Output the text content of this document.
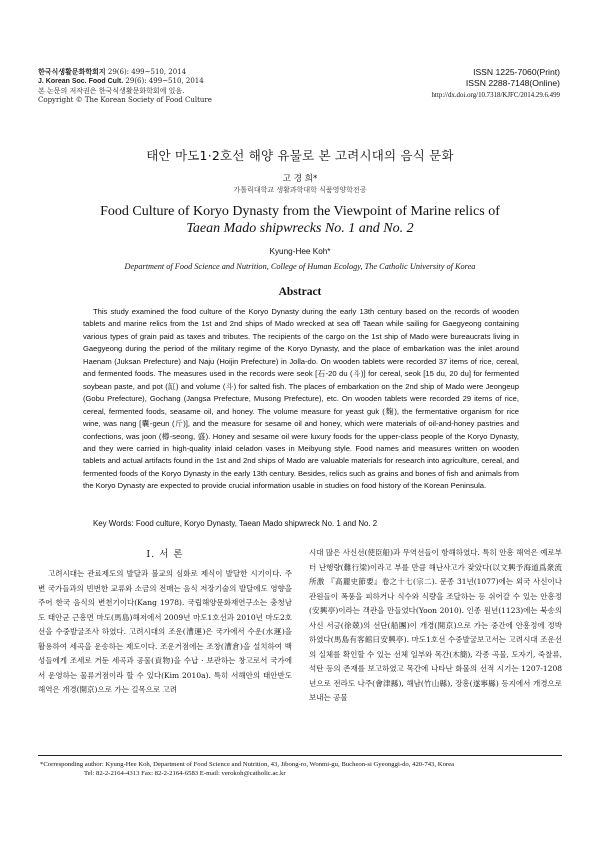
한국식생활문화학회지 29(6): 499~510, 2014
J. Korean Soc. Food Cult. 29(6): 499~510, 2014
본 논문의 저작권은 한국식생활문화학회에 있음.
Copyright © The Korean Society of Food Culture
ISSN 1225-7060(Print)
ISSN 2288-7148(Online)
http://dx.doi.org/10.7318/KJFC/2014.29.6.499
태안 마도1·2호선 해양 유물로 본 고려시대의 음식 문화
고 경 희*
가톨릭대학교 생활과학대학 식품영양학전공
Food Culture of Koryo Dynasty from the Viewpoint of Marine relics of
Taean Mado shipwrecks No. 1 and No. 2
Kyung-Hee Koh*
Department of Food Science and Nutrition, College of Human Ecology, The Catholic University of Korea
Abstract

This study examined the food culture of the Koryo Dynasty during the early 13th century based on the records of wooden tablets and marine relics from the 1st and 2nd ships of Mado wrecked at sea off Taean while sailing for Gaegyeong containing various types of grain paid as taxes and tributes. The recipients of the cargo on the 1st ship of Mado were bureaucrats living in Gaegyeong during the period of the military regime of the Koryo Dynasty, and the place of embarkation was the inlet around Haenam (Juksan Prefecture) and Naju (Hoijin Prefecture) in Jolla-do. On wooden tablets were recorded 37 items of rice, cereal, and fermented foods. The measures used in the records were seok [石-20 du (斗)] for cereal, seok [15 du, 20 du] for fermented soybean paste, and pot (缸) and volume (斗) for salted fish. The places of embarkation on the 2nd ship of Mado were Jeongeup (Gobu Prefecture), Gochang (Jangsa Prefecture, Musong Prefecture), etc. On wooden tablets were recorded 29 items of rice, cereal, fermented foods, seasame oil, and honey. The volume measure for yeast guk (麴), the fermentative organism for rice wine, was nang [囊-geun (斤)], and the measure for sesame oil and honey, which were materials of oil-and-honey pastries and confections, was joon (樽-seong, 盛). Honey and sesame oil were luxury foods for the upper-class people of the Koryo Dynasty, and they were carried in high-quality inlaid celadon vases in Meibyung style. Food names and measures written on wooden tablets and actual artifacts found in the 1st and 2nd ships of Mado are valuable materials for research into agriculture, cereal, and fermented foods of the Koryo Dynasty in the early 13th century. Besides, relics such as grains and bones of fish and animals from the Koryo Dynasty are expected to provide crucial information usable in studies on food history of the Korean Peninsula.

Key Words: Food culture, Koryo Dynasty, Taean Mado shipwreck No. 1 and No. 2
I. 서 론

고려시대는 관료제도의 발달과 불교의 심화로 제식이 발달한 시기이다. 주변 국가들과의 빈번한 교류와 소금의 전매는 음식 저장기술의 발달에도 영향을 주어 한국 음식의 변천기이다(Kang 1978). 국립해양문화재연구소는 충청남도 태안군 근흥면 마도(馬島)해저에서 2009년 마도1호선과 2010년 마도2호선을 수중발굴조사 하였다. 고려시대의 조운(漕運)은 국가에서 수운(水運)을 활용하여 세곡을 운송하는 제도이다. 조운거점에는 조창(漕倉)을 설치하여 백성들에게 조세로 거둔 세곡과 공물(貢物)을 수납 · 보관하는 창고로서 국가에서 운영하는 물류거점이라 할 수 있다(Kim 2010a). 특히 서해안의 태안반도 해역은 개경(開京)으로 가는 길목으로 고려

시대 많은 사신선(使臣船)과 무역선들이 항해하였다. 특히 안흥 해역은 예로부터 난행량(難行梁)이라고 부를 만큼 해난사고가 잦았다(以文興予海道爲衆流所激 『高麗史節要』卷之十七(宗二). 문종 31년(1077)에는 외국 사신이나 관원들이 폭풍을 피하거나 식수와 식량을 조달하는 등 쉬어갈 수 있는 안흥정(安興亭)이라는 객관을 만들었다(Yoon 2010). 인종 원년(1123)에는 북송의 사신 서긍(徐兢)의 선단(船團)이 개경(開京)으로 가는 중간에 안흥정에 정박하였다(馬島有客館曰安興亭). 마도1호선 수중발굴보고서는 고려시대 조운선의 실체를 확인할 수 있는 선체 일부와 목간(木簡), 각종 곡물, 도자기, 죽찰류, 석탄 등의 존재를 보고하였고 목간에 나타난 화물의 선적 시기는 1207-1208년으로 전라도 나주(會津縣), 해남(竹山縣), 장흥(遂寧縣) 등지에서 개경으로 보내는 공물

*Corresponding author: Kyung-Hee Koh, Department of Food Science and Nutrition, 43, Jibong-ro, Wonmi-gu, Bucheon-si Gyeonggi-do, 420-743, Korea
Tel: 82-2-2164-4313 Fax: 82-2-2164-6583 E-mail: verokoh@catholic.ac.kr
